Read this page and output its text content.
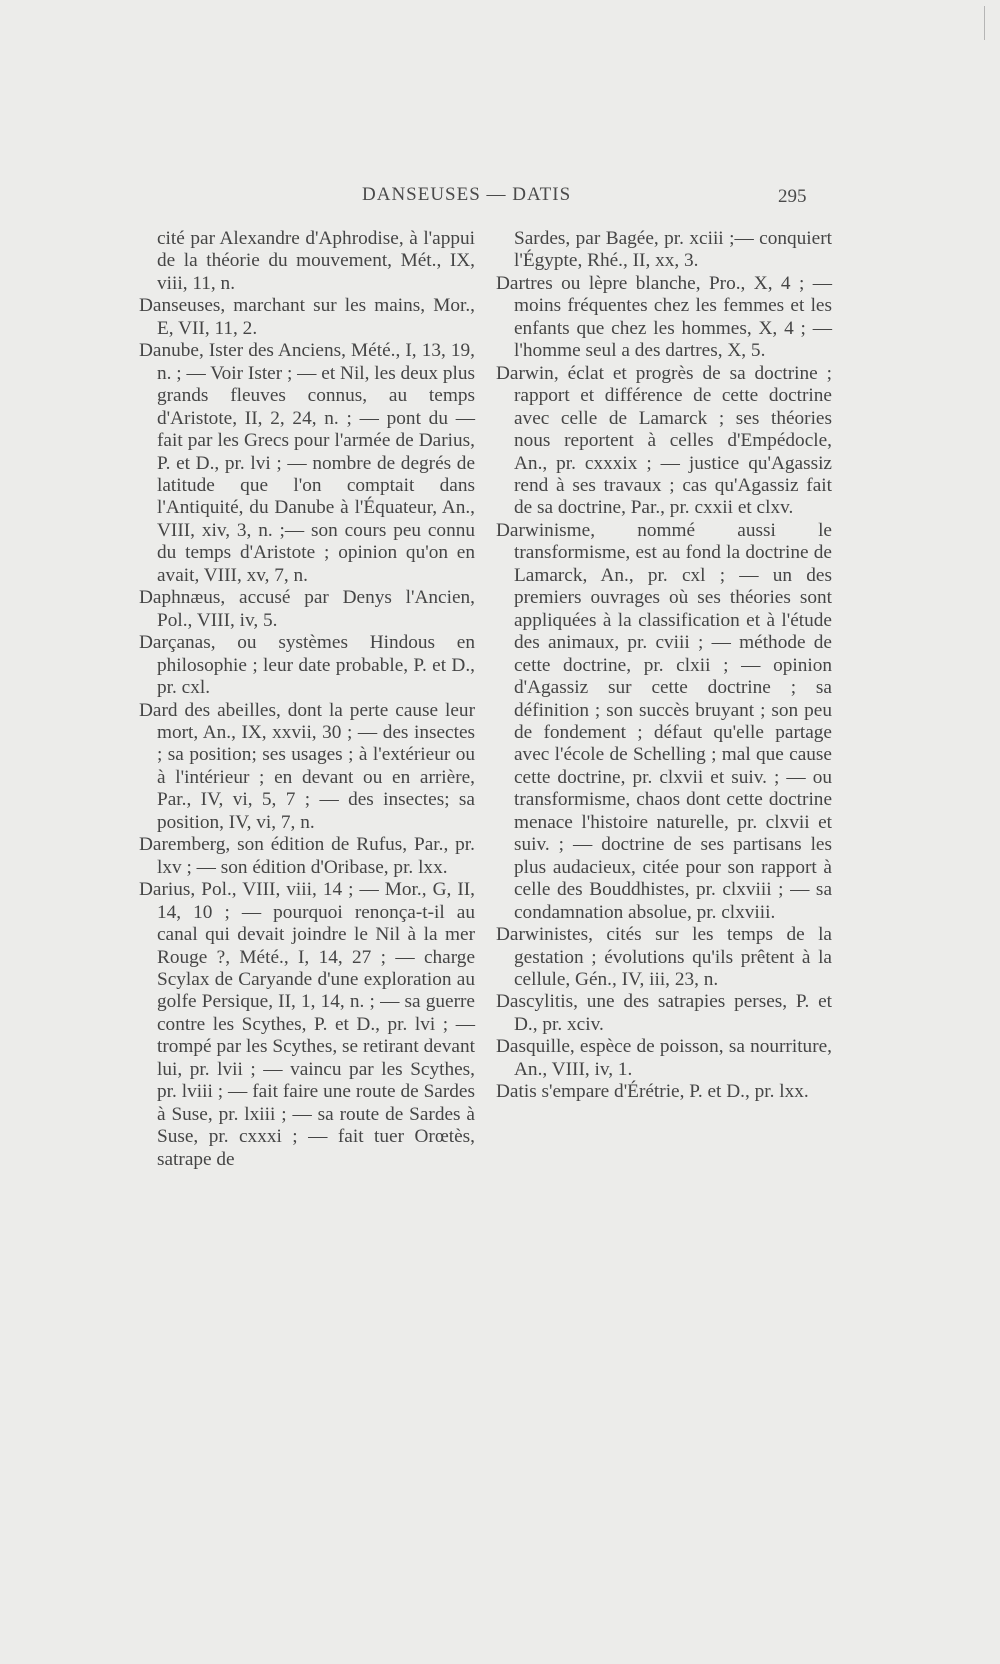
DANSEUSES — DATIS	295

cité par Alexandre d'Aphrodise, à l'appui de la théorie du mouvement, Mét., IX, viii, 11, n.

Danseuses, marchant sur les mains, Mor., E, VII, 11, 2.

Danube, Ister des Anciens, Mété., I, 13, 19, n. ; — Voir Ister ; — et Nil, les deux plus grands fleuves connus, au temps d'Aristote, II, 2, 24, n. ; — pont du — fait par les Grecs pour l'armée de Darius, P. et D., pr. lvi ; — nombre de degrés de latitude que l'on comptait dans l'Antiquité, du Danube à l'Équateur, An., VIII, xiv, 3, n. ;— son cours peu connu du temps d'Aristote ; opinion qu'on en avait, VIII, xv, 7, n.

Daphnæus, accusé par Denys l'Ancien, Pol., VIII, iv, 5.

Darçanas, ou systèmes Hindous en philosophie ; leur date probable, P. et D., pr. cxl.

Dard des abeilles, dont la perte cause leur mort, An., IX, xxvii, 30 ; — des insectes ; sa position; ses usages ; à l'extérieur ou à l'intérieur ; en devant ou en arrière, Par., IV, vi, 5, 7 ; — des insectes; sa position, IV, vi, 7, n.

Daremberg, son édition de Rufus, Par., pr. lxv ; — son édition d'Oribase, pr. lxx.

Darius, Pol., VIII, viii, 14 ; — Mor., G, II, 14, 10 ; — pourquoi renonça-t-il au canal qui devait joindre le Nil à la mer Rouge ?, Mété., I, 14, 27 ; — charge Scylax de Caryande d'une exploration au golfe Persique, II, 1, 14, n. ; — sa guerre contre les Scythes, P. et D., pr. lvi ; — trompé par les Scythes, se retirant devant lui, pr. lvii ; — vaincu par les Scythes, pr. lviii ; — fait faire une route de Sardes à Suse, pr. lxiii ; — sa route de Sardes à Suse, pr. cxxxi ; — fait tuer Orœtès, satrape de

Sardes, par Bagée, pr. xciii ;— conquiert l'Égypte, Rhé., II, xx, 3.

Dartres ou lèpre blanche, Pro., X, 4 ; — moins fréquentes chez les femmes et les enfants que chez les hommes, X, 4 ; — l'homme seul a des dartres, X, 5.

Darwin, éclat et progrès de sa doctrine ; rapport et différence de cette doctrine avec celle de Lamarck ; ses théories nous reportent à celles d'Empédocle, An., pr. cxxxix ; — justice qu'Agassiz rend à ses travaux ; cas qu'Agassiz fait de sa doctrine, Par., pr. cxxii et clxv.

Darwinisme, nommé aussi le transformisme, est au fond la doctrine de Lamarck, An., pr. cxl ; — un des premiers ouvrages où ses théories sont appliquées à la classification et à l'étude des animaux, pr. cviii ; — méthode de cette doctrine, pr. clxii ; — opinion d'Agassiz sur cette doctrine ; sa définition ; son succès bruyant ; son peu de fondement ; défaut qu'elle partage avec l'école de Schelling ; mal que cause cette doctrine, pr. clxvii et suiv. ; — ou transformisme, chaos dont cette doctrine menace l'histoire naturelle, pr. clxvii et suiv. ; — doctrine de ses partisans les plus audacieux, citée pour son rapport à celle des Bouddhistes, pr. clxviii ; — sa condamnation absolue, pr. clxviii.

Darwinistes, cités sur les temps de la gestation ; évolutions qu'ils prêtent à la cellule, Gén., IV, iii, 23, n.

Dascylitis, une des satrapies perses, P. et D., pr. xciv.

Dasquille, espèce de poisson, sa nourriture, An., VIII, iv, 1.

Datis s'empare d'Érétrie, P. et D., pr. lxx.
